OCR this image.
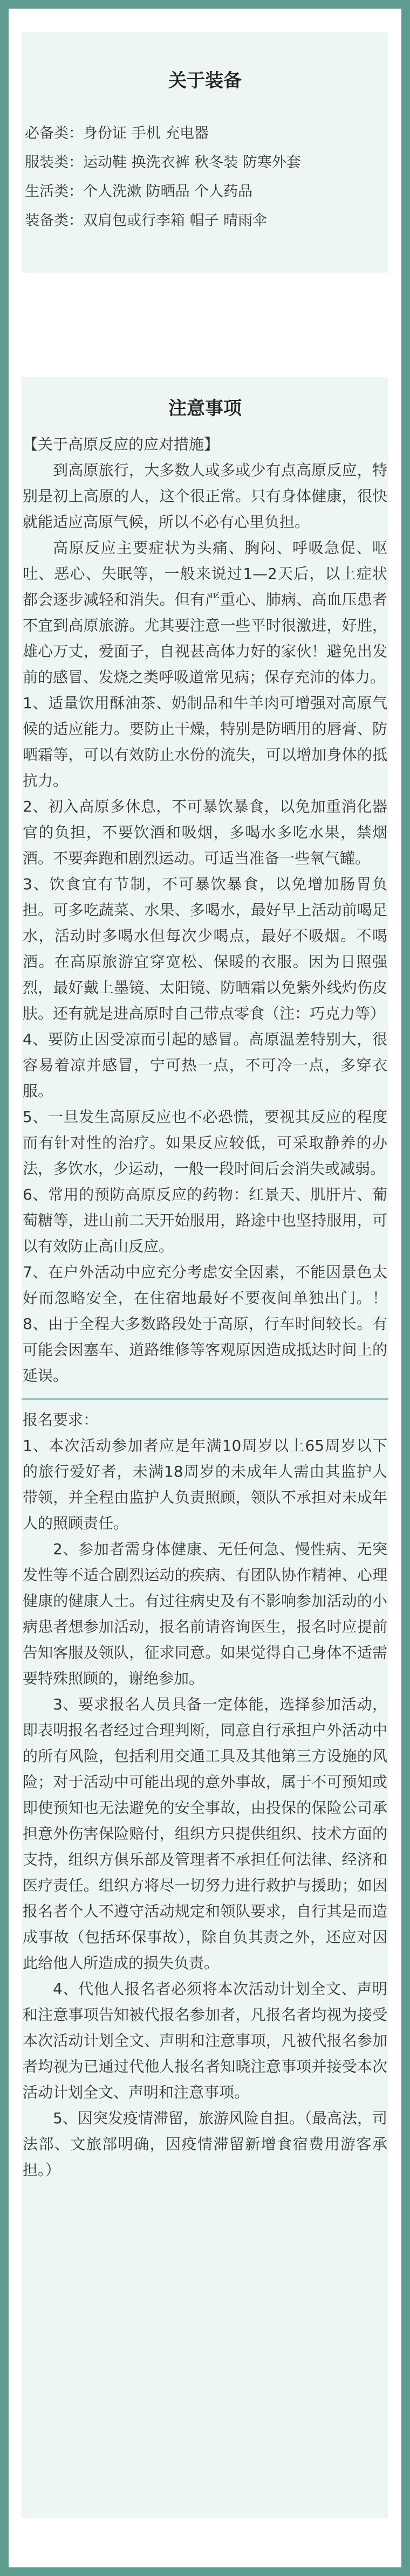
关于装备
必备类：身份证 手机 充电器
服装类：运动鞋 换洗衣裤 秋冬装 防寒外套
生活类：个人洗漱 防晒品 个人药品
装备类：双肩包或行李箱 帽子 晴雨伞
注意事项

【关于高原反应的应对措施】

到高原旅行，大多数人或多或少有点高原反应，特别是初上高原的人，这个很正常。只有身体健康，很快就能适应高原气候，所以不必有心里负担。

高原反应主要症状为头痛、胸闷、呼吸急促、呕吐、恶心、失眠等，一般来说过1—2天后，以上症状都会逐步减轻和消失。但有严重心、肺病、高血压患者不宜到高原旅游。尤其要注意一些平时很激进，好胜，雄心万丈，爱面子，自视甚高体力好的家伙！避免出发前的感冒、发烧之类呼吸道常见病；保存充沛的体力。

1、适量饮用酥油茶、奶制品和牛羊肉可增强对高原气候的适应能力。要防止干燥，特别是防晒用的唇膏、防晒霜等，可以有效防止水份的流失，可以增加身体的抵抗力。

2、初入高原多休息，不可暴饮暴食，以免加重消化器官的负担，不要饮酒和吸烟，多喝水多吃水果，禁烟酒。不要奔跑和剧烈运动。可适当准备一些氧气罐。

3、饮食宜有节制，不可暴饮暴食，以免增加肠胃负担。可多吃蔬菜、水果、多喝水，最好早上活动前喝足水，活动时多喝水但每次少喝点，最好不吸烟。不喝酒。在高原旅游宜穿宽松、保暖的衣服。因为日照强烈，最好戴上墨镜、太阳镜、防晒霜以免紫外线灼伤皮肤。还有就是进高原时自己带点零食（注：巧克力等）

4、要防止因受凉而引起的感冒。高原温差特别大，很容易着凉并感冒，宁可热一点，不可冷一点，多穿衣服。

5、一旦发生高原反应也不必恐慌，要视其反应的程度而有针对性的治疗。如果反应较低，可采取静养的办法，多饮水，少运动，一般一段时间后会消失或减弱。

6、常用的预防高原反应的药物：红景天、肌肝片、葡萄糖等，进山前二天开始服用，路途中也坚持服用，可以有效防止高山反应。

7、在户外活动中应充分考虑安全因素，不能因景色太好而忽略安全，在住宿地最好不要夜间单独出门。！8、由于全程大多数路段处于高原，行车时间较长。有可能会因塞车、道路维修等客观原因造成抵达时间上的延误。

报名要求：

1、本次活动参加者应是年满10周岁以上65周岁以下的旅行爱好者，未满18周岁的未成年人需由其监护人带领，并全程由监护人负责照顾，领队不承担对未成年人的照顾责任。

2、参加者需身体健康、无任何急、慢性病、无突发性等不适合剧烈运动的疾病、有团队协作精神、心理健康的健康人士。有过往病史及有不影响参加活动的小病患者想参加活动，报名前请咨询医生，报名时应提前告知客服及领队，征求同意。如果觉得自己身体不适需要特殊照顾的，谢绝参加。

3、要求报名人员具备一定体能，选择参加活动，即表明报名者经过合理判断，同意自行承担户外活动中的所有风险，包括利用交通工具及其他第三方设施的风险；对于活动中可能出现的意外事故，属于不可预知或即使预知也无法避免的安全事故，由投保的保险公司承担意外伤害保险赔付，组织方只提供组织、技术方面的支持，组织方俱乐部及管理者不承担任何法律、经济和医疗责任。组织方将尽一切努力进行救护与援助；如因报名者个人不遵守活动规定和领队要求，自行其是而造成事故（包括环保事故），除自负其责之外，还应对因此给他人所造成的损失负责。

4、代他人报名者必须将本次活动计划全文、声明和注意事项告知被代报名参加者，凡报名者均视为接受本次活动计划全文、声明和注意事项，凡被代报名参加者均视为已通过代他人报名者知晓注意事项并接受本次活动计划全文、声明和注意事项。

5、因突发疫情滞留，旅游风险自担。（最高法，司法部、文旅部明确，因疫情滞留新增食宿费用游客承担。）
